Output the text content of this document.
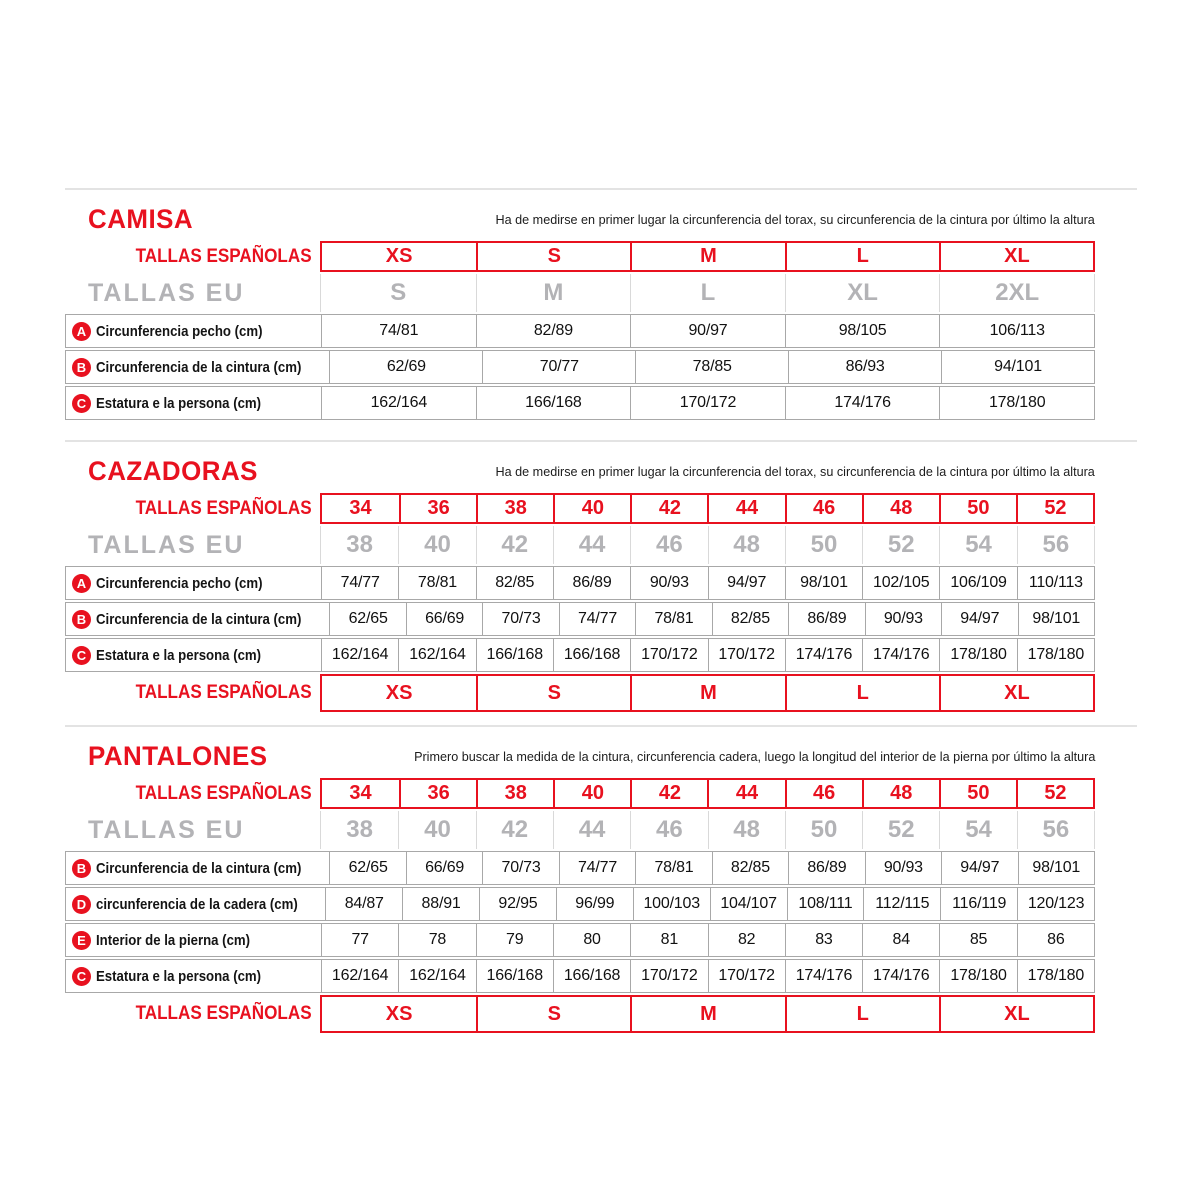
CAMISA	Ha de medirse en primer lugar la circunferencia del torax, su circunferencia de la cintura por último la altura

TALLAS ESPAÑOLAS	XS	S	M	L	XL
TALLAS EU	S	M	L	XL	2XL
A Circunferencia pecho (cm)	74/81	82/89	90/97	98/105	106/113
B Circunferencia de la cintura (cm)	62/69	70/77	78/85	86/93	94/101
C Estatura e la persona (cm)	162/164	166/168	170/172	174/176	178/180
CAZADORAS	Ha de medirse en primer lugar la circunferencia del torax, su circunferencia de la cintura por último la altura

TALLAS ESPAÑOLAS	34	36	38	40	42	44	46	48	50	52
TALLAS EU	38	40	42	44	46	48	50	52	54	56
A Circunferencia pecho (cm)	74/77	78/81	82/85	86/89	90/93	94/97	98/101	102/105	106/109	110/113
B Circunferencia de la cintura (cm)	62/65	66/69	70/73	74/77	78/81	82/85	86/89	90/93	94/97	98/101
C Estatura e la persona (cm)	162/164	162/164	166/168	166/168	170/172	170/172	174/176	174/176	178/180	178/180
TALLAS ESPAÑOLAS	XS	S	M	L	XL
PANTALONES	Primero buscar la medida de la cintura, circunferencia cadera, luego la longitud del interior de la pierna por último la altura

TALLAS ESPAÑOLAS	34	36	38	40	42	44	46	48	50	52
TALLAS EU	38	40	42	44	46	48	50	52	54	56
B Circunferencia de la cintura (cm)	62/65	66/69	70/73	74/77	78/81	82/85	86/89	90/93	94/97	98/101
D circunferencia de la cadera (cm)	84/87	88/91	92/95	96/99	100/103	104/107	108/111	112/115	116/119	120/123
E Interior de la pierna (cm)	77	78	79	80	81	82	83	84	85	86
C Estatura e la persona (cm)	162/164	162/164	166/168	166/168	170/172	170/172	174/176	174/176	178/180	178/180
TALLAS ESPAÑOLAS	XS	S	M	L	XL
